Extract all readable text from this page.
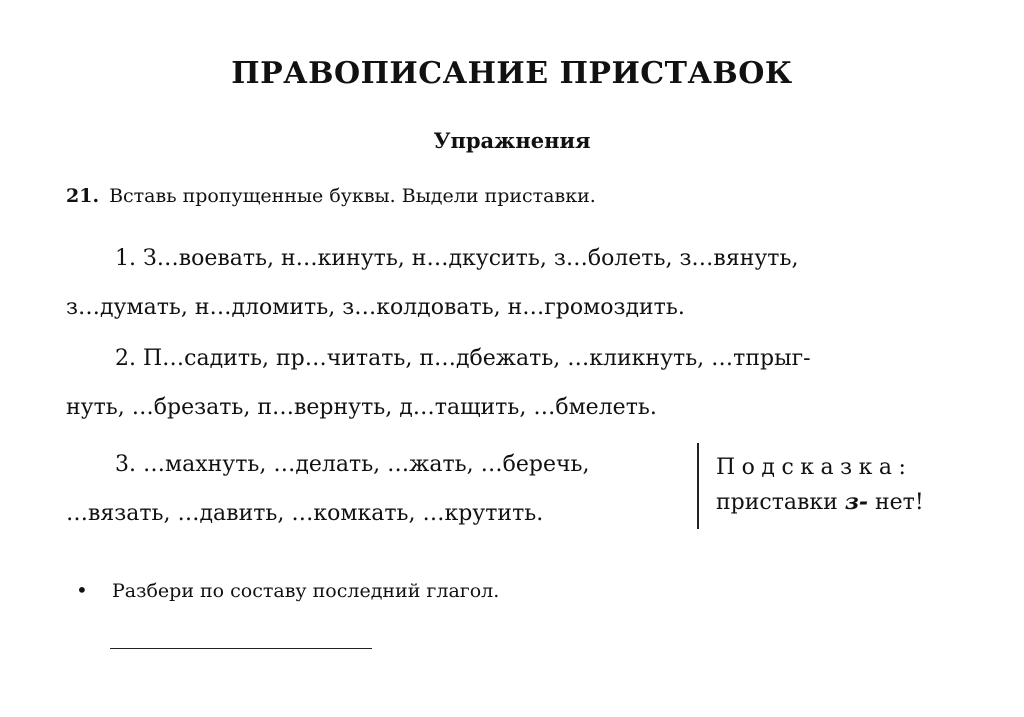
ПРАВОПИСАНИЕ ПРИСТАВОК
Упражнения
21. Вставь пропущенные буквы. Выдели приставки.
1. З…воевать, н…кинуть, н…дкусить, з…болеть, з…вянуть,
з…думать, н…дломить, з…колдовать, н…громоздить.
2. П…садить, пр…читать, п…дбежать, …кликнуть, …тпрыг-
нуть, …брезать, п…вернуть, д…тащить, …бмелеть.
3. …махнуть, …делать, …жать, …беречь,
…вязать, …давить, …комкать, …крутить.
Подсказка:
приставки з- нет!
• Разбери по составу последний глагол.
